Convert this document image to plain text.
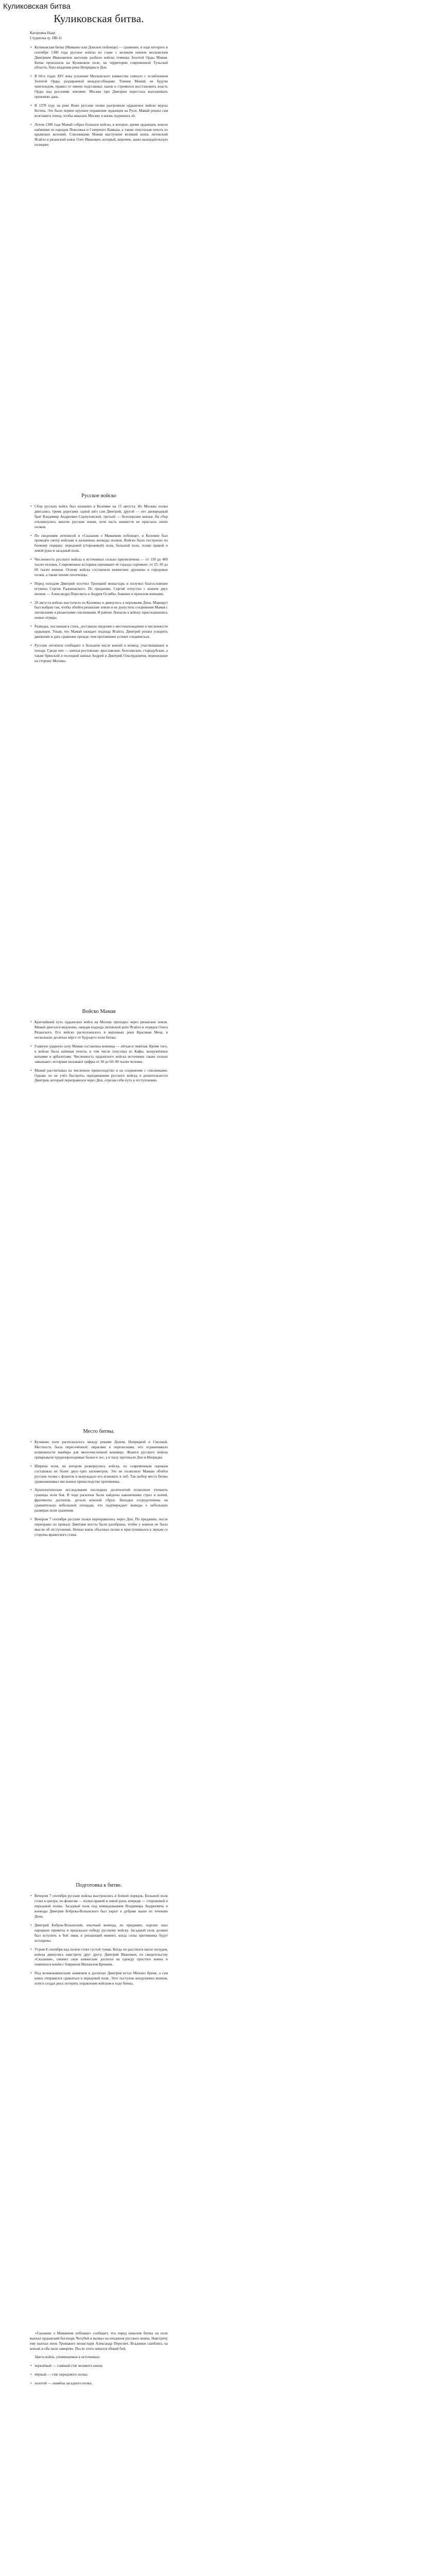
Куликовская битва
Куликовская битва.

Кагоровна Надя

Студентка гр. ПВ-11

• Куликовская битва (Мамаево или Донское побоище) — сражение, в ходе которого в сентябре 1380 года русское войско во главе с великим князем московским Дмитрием Ивановичем наголову разбило войско темника Золотой Орды Мамая. Битва произошла на Куликовом поле, на территории современной Тульской области, близ впадения реки Непрядвы в Дон.
• В 60-х годах XIV века усиление Московского княжества совпало с ослаблением Золотой Орды, раздираемой междоусобицами. Темник Мамай, не будучи чингизидом, правил от имени подставных ханов и стремился восстановить власть Орды над русскими землями. Москва при Дмитрии перестала выплачивать прежнюю дань.
• В 1378 году на реке Воже русские полки разгромили ордынское войско мурзы Бегича. Это было первое крупное поражение ордынцев на Руси. Мамай решил сам возглавить поход, чтобы наказать Москву и вновь подчинить её.
• Летом 1380 года Мамай собрал большое войско, в которое, кроме ордынцев, вошли наёмники из народов Поволжья и Северного Кавказа, а также генуэзская пехота из крымских колоний. Союзниками Мамая выступили великий князь литовский Ягайло и рязанский князь Олег Иванович, который, впрочем, занял выжидательную позицию.
Русское войско
• Сбор русских войск был назначен в Коломне на 15 августа. Из Москвы полки двигались тремя дорогами: одной шёл сам Дмитрий, другой — его двоюродный брат Владимир Андреевич Серпуховской, третьей — белозерские князья. На сбор откликнулись многие русские земли, хотя часть княжеств не прислала своих полков.
• По сведениям летописей и «Сказания о Мамаевом побоище», в Коломне был проведён смотр войскам и назначены воеводы полков. Войско было построено по боевому порядку: передовой (сторожевой) полк, большой полк, полки правой и левой руки и засадный полк.
• Численность русского войска в источниках сильно преувеличена — от 150 до 400 тысяч человек. Современные историки оценивают её гораздо скромнее: от 25–30 до 60 тысяч воинов. Основу войска составляли княжеские дружины и городовые полки, а также пешие ополченцы.
• Перед походом Дмитрий посетил Троицкий монастырь и получил благословение игумена Сергия Радонежского. По преданию, Сергий отпустил с князем двух иноков — Александра Пересвета и Андрея Ослябю, бывших в прошлом воинами.
• 20 августа войско выступило из Коломны и двинулось к верховьям Дона. Маршрут был выбран так, чтобы обойти рязанские земли и не допустить соединения Мамая с литовскими и рязанскими союзниками. В районе Лопасни к войску присоединились новые отряды.
• Разведка, посланная в степь, доставила сведения о местонахождении и численности ордынцев. Узнав, что Мамай ожидает подхода Ягайло, Дмитрий решил ускорить движение и дать сражение прежде, чем противники успеют соединиться.
• Русские летописи сообщают о большом числе князей и воевод, участвовавших в походе. Среди них — князья ростовские, ярославские, белозерские, стародубские, а также брянский и полоцкий князья Андрей и Дмитрий Ольгердовичи, перешедшие на сторону Москвы.
Войско Мамая
• Кратчайший путь ордынских войск на Москву проходил через рязанские земли. Мамай двигался медленно, ожидая подхода литовской рати Ягайло и отрядов Олега Рязанского. Его войско расположилось в верховьях реки Красивая Меча, в нескольких десятках вёрст от будущего поля битвы.
• Главную ударную силу Мамая составляла конница — лёгкая и тяжёлая. Кроме того, в войске была наёмная пехота, в том числе генуэзцы из Кафы, вооружённые копьями и арбалетами. Численность ордынского войска источники также сильно завышают; историки называют цифры от 30 до 60–90 тысяч человек.
• Мамай рассчитывал на численное превосходство и на соединение с союзниками. Однако он не учёл быстроты передвижения русского войска и решительности Дмитрия, который переправился через Дон, отрезав себе путь к отступлению.
Место битвы.
• Куликово поле располагалось между реками Доном, Непрядвой и Смолкой. Местность была пересечённой: оврагами и перелесками, что ограничивало возможности манёвра для многочисленной конницы. Фланги русского войска прикрывали труднопроходимые балки и лес, а в тылу протекали Дон и Непрядва.
• Ширина поля, на котором развернулись войска, по современным оценкам составляла не более двух–трёх километров. Это не позволяло Мамаю обойти русские полки с флангов и вынуждало его атаковать в лоб. Так выбор места битвы уравновешивал численное превосходство противника.
• Археологические исследования последних десятилетий позволили уточнить границы поля боя. В ходе раскопок были найдены наконечники стрел и копий, фрагменты доспехов, детали конской сбруи. Находки сосредоточены на сравнительно небольшой площади, что подтверждает выводы о небольших размерах поля сражения.
• Вечером 7 сентября русские полки переправились через Дон. По преданию, после переправы по приказу Дмитрия мосты были разобраны, чтобы у воинов не было мысли об отступлении. Ночью князь объезжал полки и прислушивался к звукам со стороны вражеского стана.
Подготовка к битве.
• Вечером 7 сентября русские войска выстроились в боевой порядок. Большой полк стоял в центре, по флангам — полки правой и левой руки, впереди — сторожевой и передовой полки. Засадный полк под командованием Владимира Андреевича и воеводы Дмитрия Боброка-Волынского был укрыт в дубраве выше по течению Дона.
• Дмитрий Боброк-Волынский, опытный воевода, по преданию, хорошо знал народные приметы и предсказал победу русскому войску. Засадный полк должен был вступить в бой лишь в решающий момент, когда силы противника будут истощены.
• Утром 8 сентября над полем стоял густой туман. Когда он рассеялся около полудня, войска двинулись навстречу друг другу. Дмитрий Иванович, по свидетельству «Сказания», сменил свои княжеские доспехи на одежду простого воина и поменялся конём с боярином Михаилом Бренком.
• Под великокняжеским знаменем в доспехах Дмитрия встал Михаил Бренк, а сам князь отправился сражаться в передовой полк. Этот поступок воодушевил воинов, хотя и создал риск потерять управление войском в ходе битвы.

«Сказание о Мамаевом побоище» сообщает, что перед началом битвы на поле выехал ордынский богатырь Челубей и вызвал на поединок русского воина. Навстречу ему выехал инок Троицкого монастыря Александр Пересвет. Всадники сшиблись на копьях и оба пали замертво. После этого начался общий бой.

Цвета войск, упоминаемые в источниках:

• червлёный — главный стяг великого князя;
• чёрный — стяг передового полка;
• золотой — знамёна засадного полка.
